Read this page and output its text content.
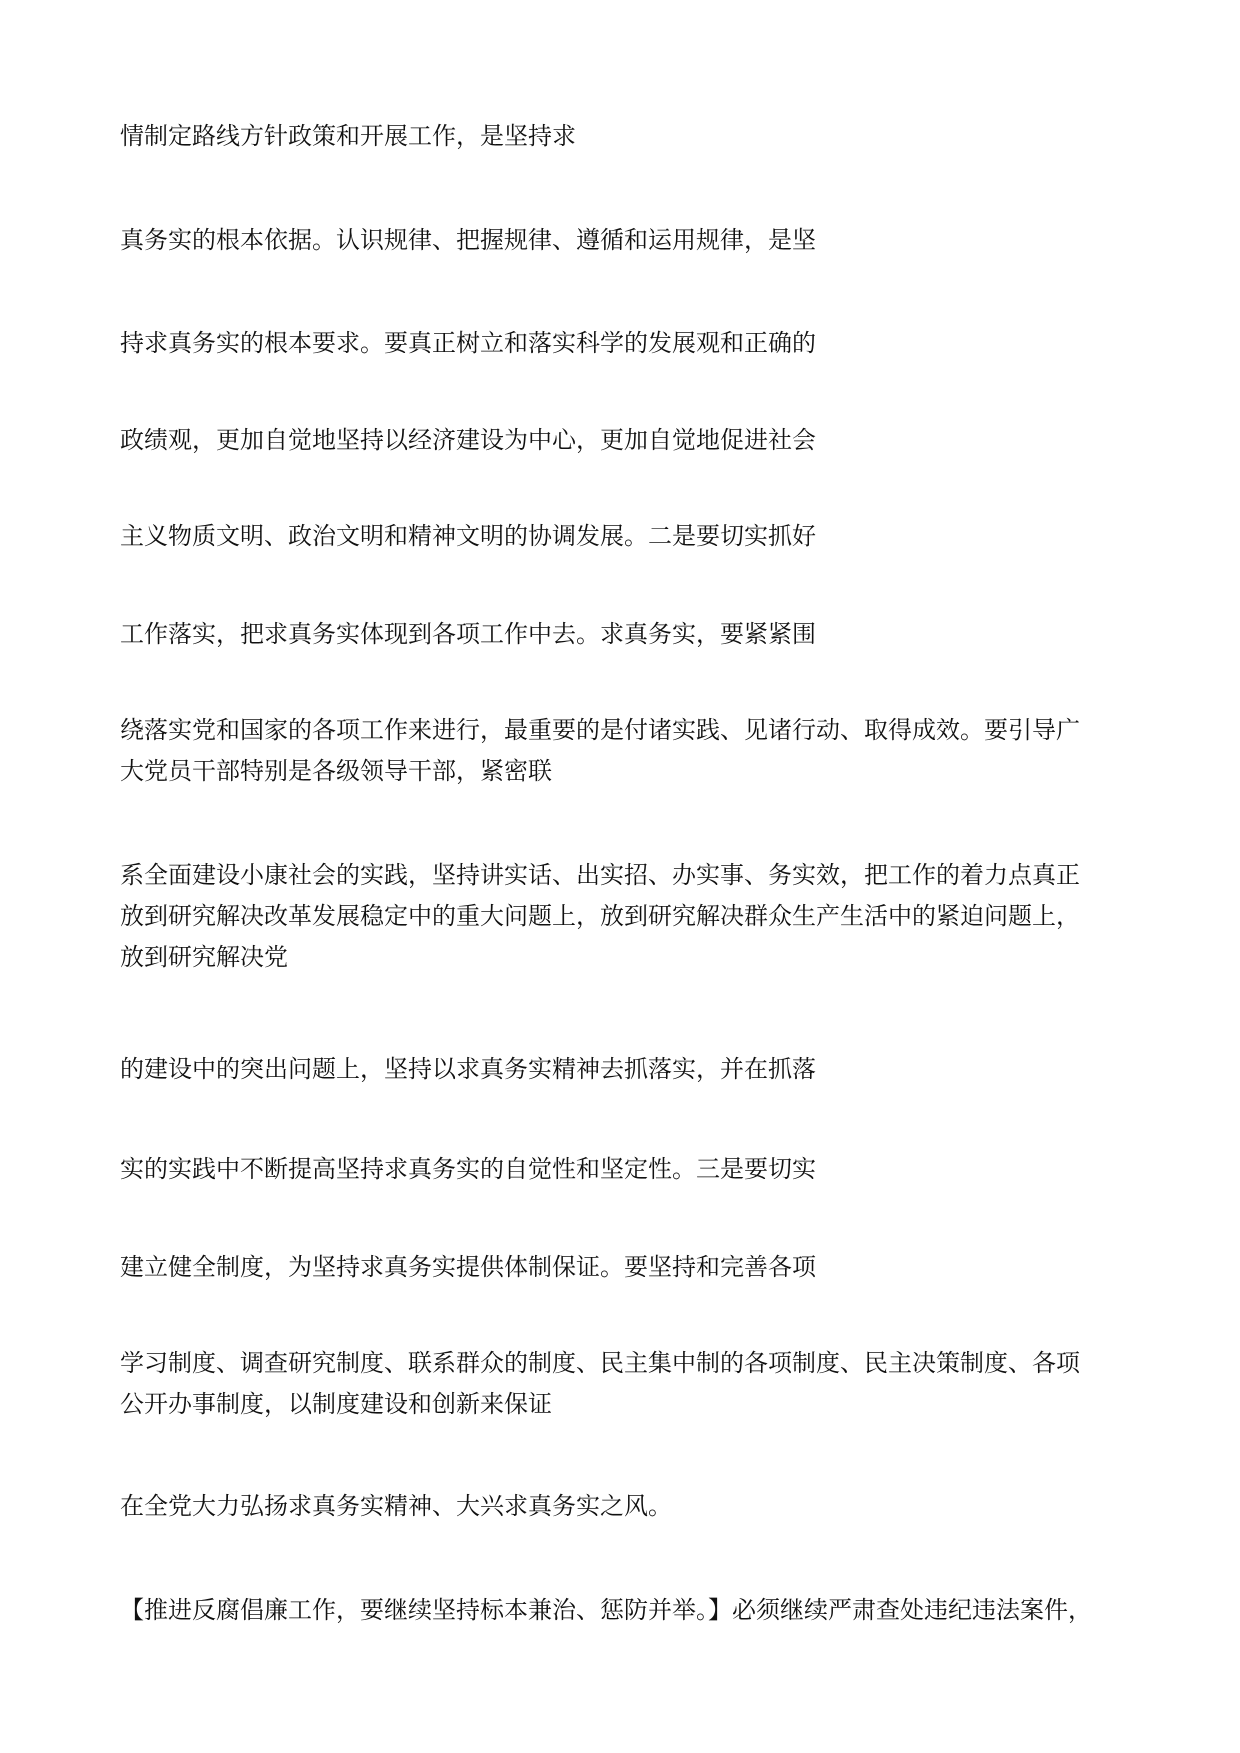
情制定路线方针政策和开展工作，是坚持求

真务实的根本依据。认识规律、把握规律、遵循和运用规律，是坚

持求真务实的根本要求。要真正树立和落实科学的发展观和正确的

政绩观，更加自觉地坚持以经济建设为中心，更加自觉地促进社会

主义物质文明、政治文明和精神文明的协调发展。二是要切实抓好

工作落实，把求真务实体现到各项工作中去。求真务实，要紧紧围

绕落实党和国家的各项工作来进行，最重要的是付诸实践、见诸行动、取得成效。要引导广
大党员干部特别是各级领导干部，紧密联

系全面建设小康社会的实践，坚持讲实话、出实招、办实事、务实效，把工作的着力点真正
放到研究解决改革发展稳定中的重大问题上，放到研究解决群众生产生活中的紧迫问题上，
放到研究解决党

的建设中的突出问题上，坚持以求真务实精神去抓落实，并在抓落

实的实践中不断提高坚持求真务实的自觉性和坚定性。三是要切实

建立健全制度，为坚持求真务实提供体制保证。要坚持和完善各项

学习制度、调查研究制度、联系群众的制度、民主集中制的各项制度、民主决策制度、各项
公开办事制度，以制度建设和创新来保证

在全党大力弘扬求真务实精神、大兴求真务实之风。

【推进反腐倡廉工作，要继续坚持标本兼治、惩防并举。】必须继续严肃查处违纪违法案件，
